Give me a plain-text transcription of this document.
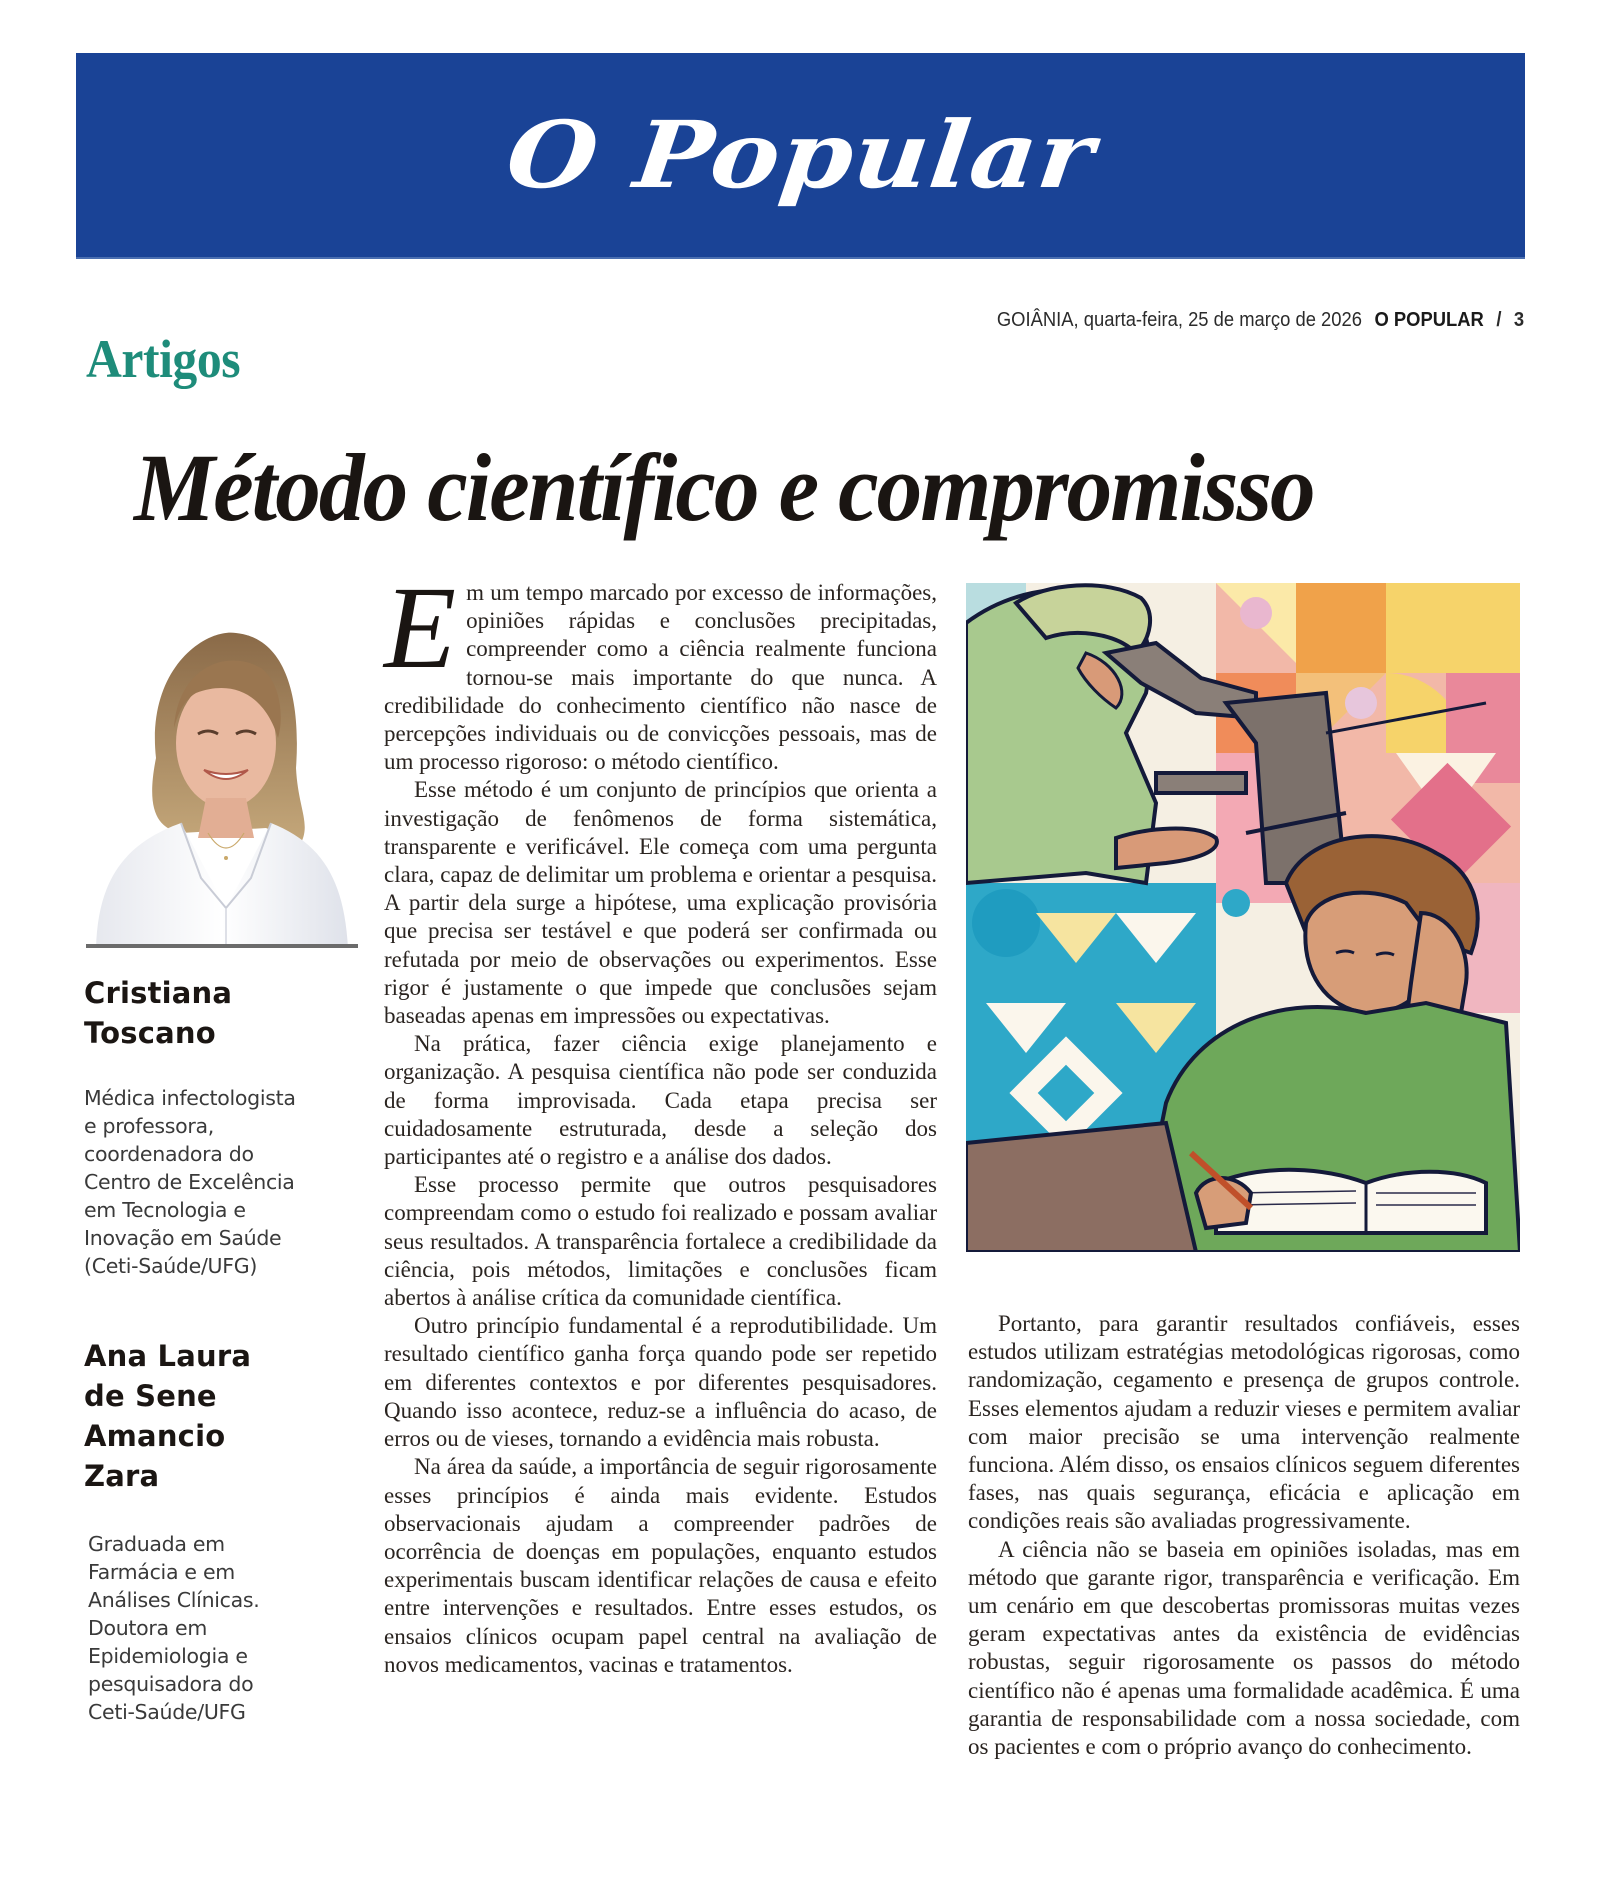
O Popular
GOIÂNIA, quarta-feira, 25 de março de 2026 O POPULAR / 3
Artigos
Método científico e compromisso
Cristiana
Toscano
Médica infectologista
e professora,
coordenadora do
Centro de Excelência
em Tecnologia e
Inovação em Saúde
(Ceti-Saúde/UFG)
Ana Laura
de Sene
Amancio
Zara
Graduada em
Farmácia e em
Análises Clínicas.
Doutora em
Epidemiologia e
pesquisadora do
Ceti-Saúde/UFG

Em um tempo marcado por excesso de informações, opiniões rápidas e conclusões precipitadas, compreender como a ciência realmente funciona tornou-se mais importante do que nunca. A credibilidade do conhecimento científico não nasce de percepções individuais ou de convicções pessoais, mas de um processo rigoroso: o método científico.

Esse método é um conjunto de princípios que orienta a investigação de fenômenos de forma sistemática, transparente e verificável. Ele começa com uma pergunta clara, capaz de delimitar um problema e orientar a pesquisa. A partir dela surge a hipótese, uma explicação provisória que precisa ser testável e que poderá ser confirmada ou refutada por meio de observações ou experimentos. Esse rigor é justamente o que impede que conclusões sejam baseadas apenas em impressões ou expectativas.

Na prática, fazer ciência exige planejamento e organização. A pesquisa científica não pode ser conduzida de forma improvisada. Cada etapa precisa ser cuidadosamente estruturada, desde a seleção dos participantes até o registro e a análise dos dados.

Esse processo permite que outros pesquisadores compreendam como o estudo foi realizado e possam avaliar seus resultados. A transparência fortalece a credibilidade da ciência, pois métodos, limitações e conclusões ficam abertos à análise crítica da comunidade científica.

Outro princípio fundamental é a reprodutibilidade. Um resultado científico ganha força quando pode ser repetido em diferentes contextos e por diferentes pesquisadores. Quando isso acontece, reduz-se a influência do acaso, de erros ou de vieses, tornando a evidência mais robusta.

Na área da saúde, a importância de seguir rigorosamente esses princípios é ainda mais evidente. Estudos observacionais ajudam a compreender padrões de ocorrência de doenças em populações, enquanto estudos experimentais buscam identificar relações de causa e efeito entre intervenções e resultados. Entre esses estudos, os ensaios clínicos ocupam papel central na avaliação de novos medicamentos, vacinas e tratamentos.

Portanto, para garantir resultados confiáveis, esses estudos utilizam estratégias metodológicas rigorosas, como randomização, cegamento e presença de grupos controle. Esses elementos ajudam a reduzir vieses e permitem avaliar com maior precisão se uma intervenção realmente funciona. Além disso, os ensaios clínicos seguem diferentes fases, nas quais segurança, eficácia e aplicação em condições reais são avaliadas progressivamente.

A ciência não se baseia em opiniões isoladas, mas em método que garante rigor, transparência e verificação. Em um cenário em que descobertas promissoras muitas vezes geram expectativas antes da existência de evidências robustas, seguir rigorosamente os passos do método científico não é apenas uma formalidade acadêmica. É uma garantia de responsabilidade com a nossa sociedade, com os pacientes e com o próprio avanço do conhecimento.
